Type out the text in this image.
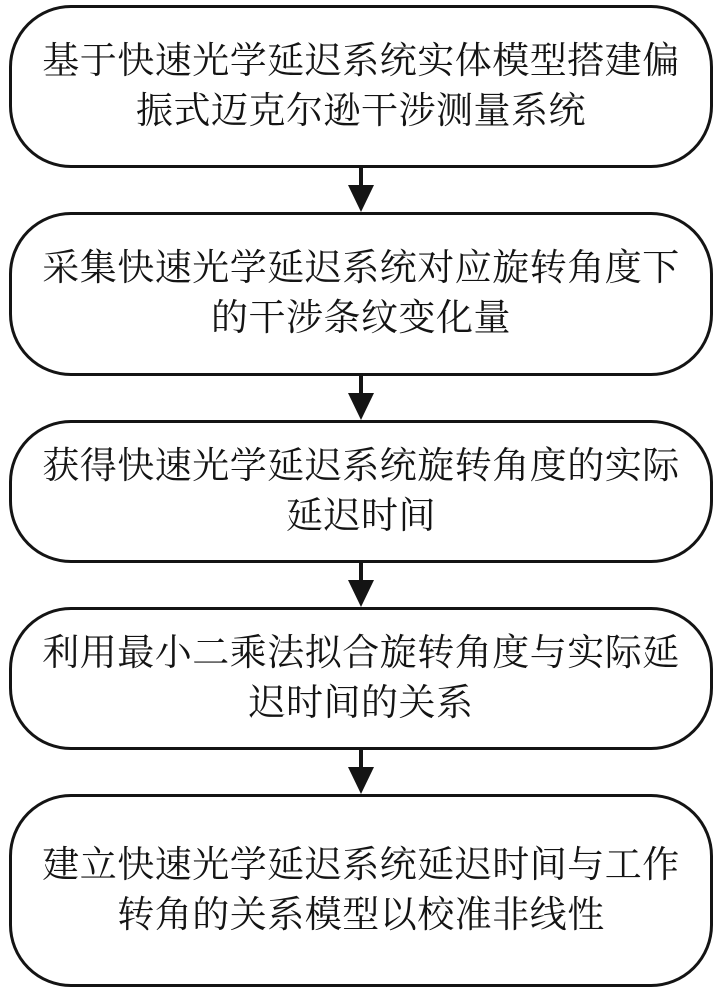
基于快速光学延迟系统实体模型搭建偏
振式迈克尔逊干涉测量系统
采集快速光学延迟系统对应旋转角度下
的干涉条纹变化量
获得快速光学延迟系统旋转角度的实际
延迟时间
利用最小二乘法拟合旋转角度与实际延
迟时间的关系
建立快速光学延迟系统延迟时间与工作
转角的关系模型以校准非线性
